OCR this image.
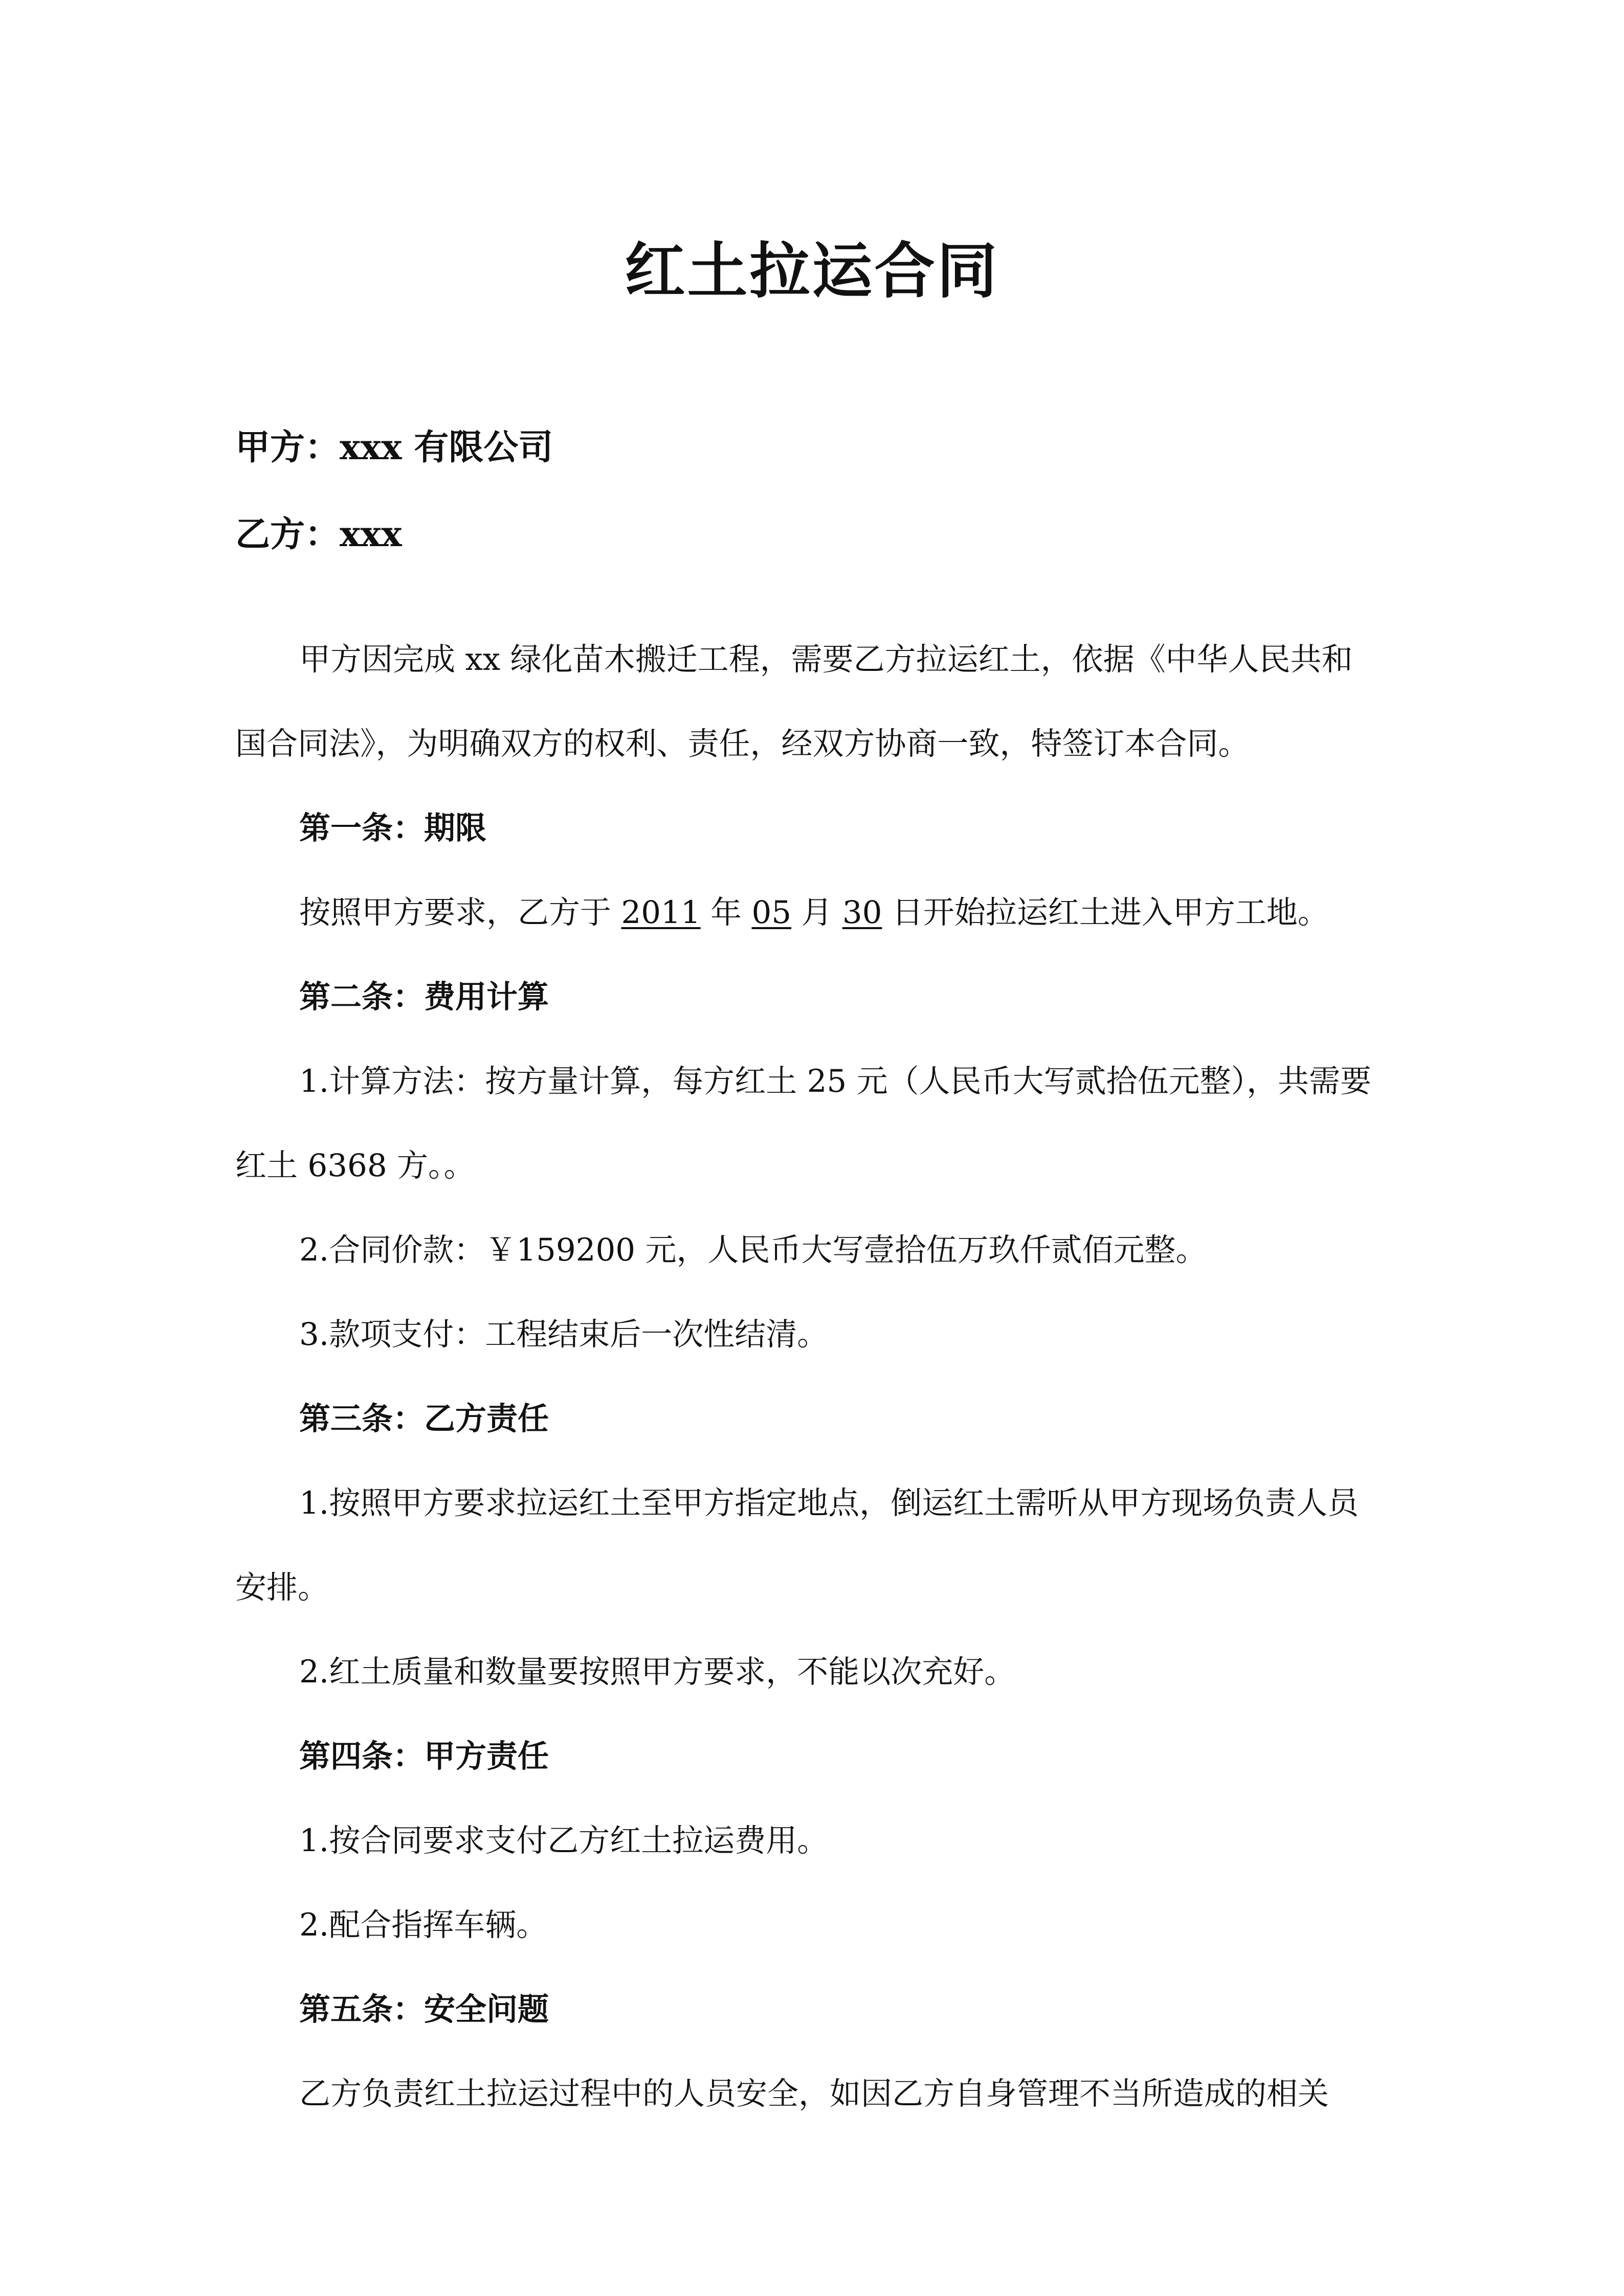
红土拉运合同
甲方：xxx 有限公司
乙方：xxx
甲方因完成 xx 绿化苗木搬迁工程，需要乙方拉运红土，依据《中华人民共和
国合同法》，为明确双方的权利、责任，经双方协商一致，特签订本合同。
第一条：期限
按照甲方要求，乙方于 2011 年 05 月 30 日开始拉运红土进入甲方工地。
第二条：费用计算
1.计算方法：按方量计算，每方红土 25 元（人民币大写贰拾伍元整），共需要
红土 6368 方。。
2.合同价款：￥159200 元，人民币大写壹拾伍万玖仟贰佰元整。
3.款项支付：工程结束后一次性结清。
第三条：乙方责任
1.按照甲方要求拉运红土至甲方指定地点，倒运红土需听从甲方现场负责人员
安排。
2.红土质量和数量要按照甲方要求，不能以次充好。
第四条：甲方责任
1.按合同要求支付乙方红土拉运费用。
2.配合指挥车辆。
第五条：安全问题
乙方负责红土拉运过程中的人员安全，如因乙方自身管理不当所造成的相关
